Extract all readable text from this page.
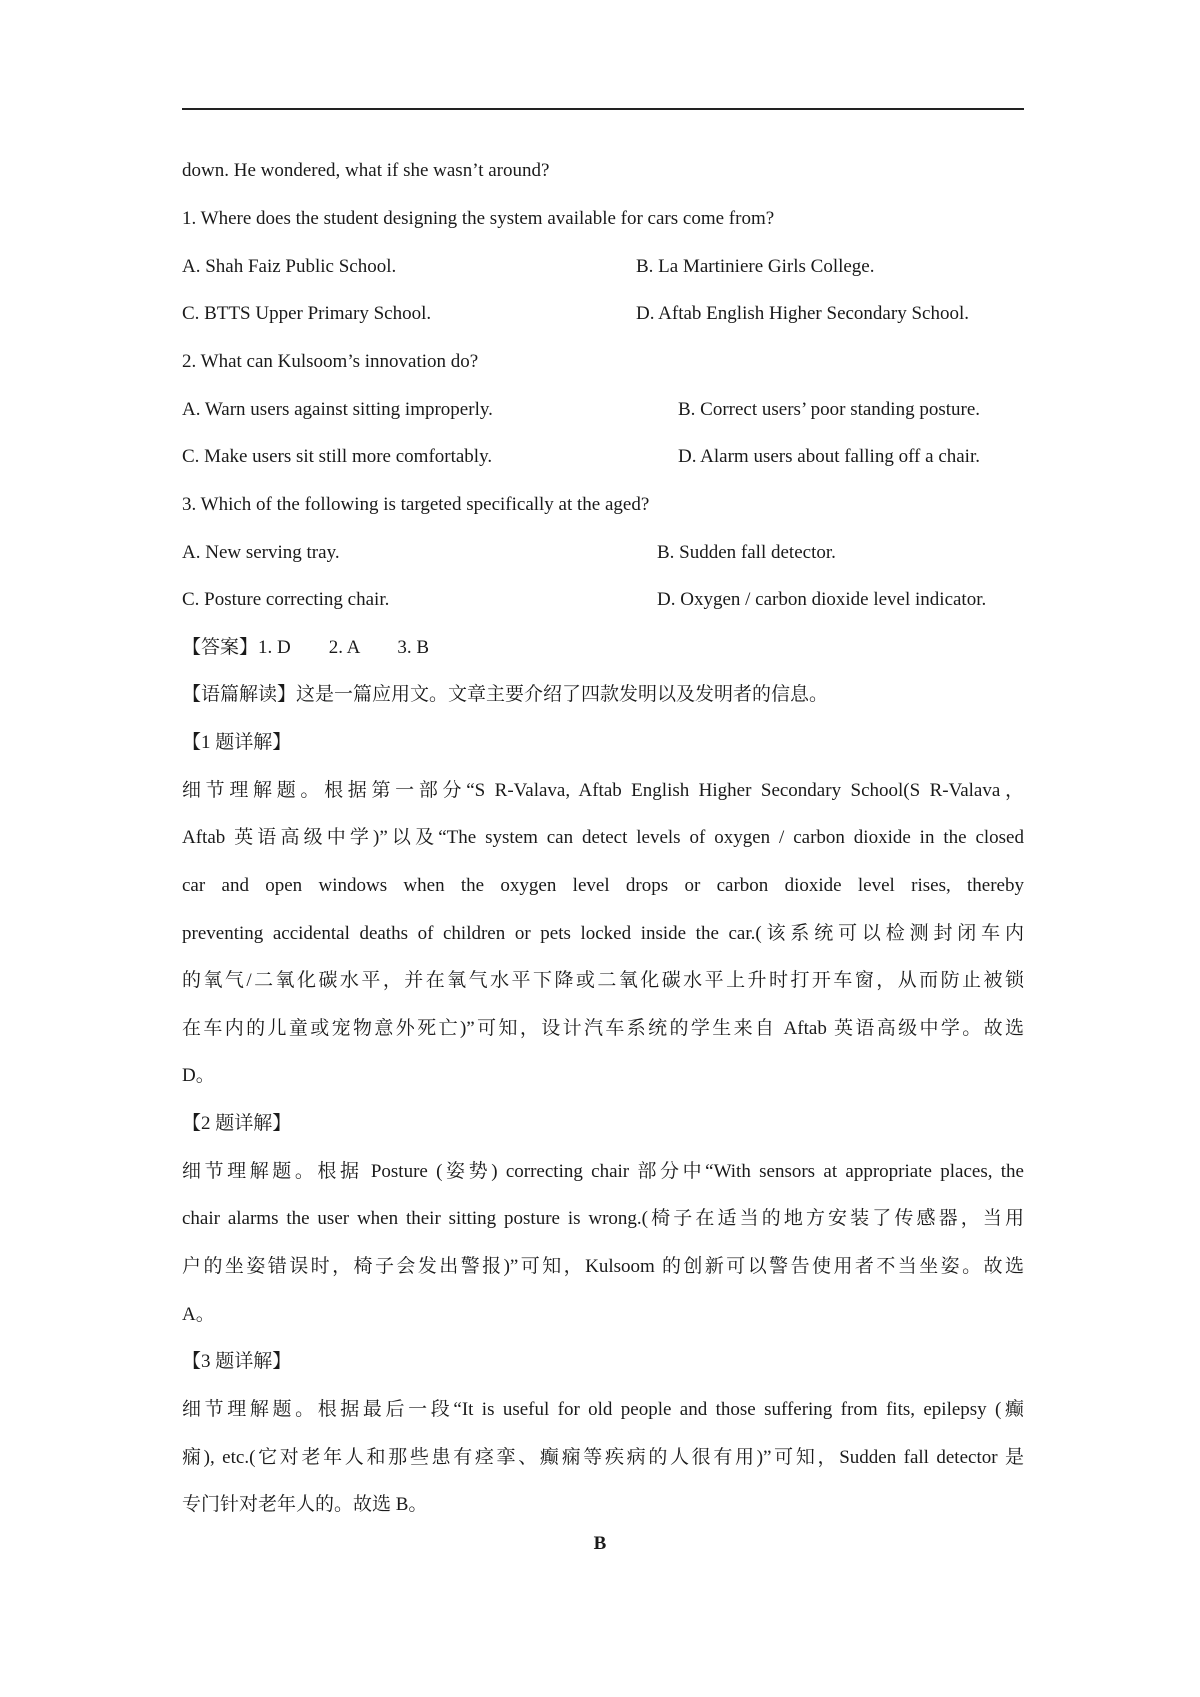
down. He wondered, what if she wasn’t around?
1. Where does the student designing the system available for cars come from?
A. Shah Faiz Public School.	B. La Martiniere Girls College.
C. BTTS Upper Primary School.	D. Aftab English Higher Secondary School.
2. What can Kulsoom’s innovation do?
A. Warn users against sitting improperly.	B. Correct users’ poor standing posture.
C. Make users sit still more comfortably.	D. Alarm users about falling off a chair.
3. Which of the following is targeted specifically at the aged?
A. New serving tray.	B. Sudden fall detector.
C. Posture correcting chair.	D. Oxygen / carbon dioxide level indicator.
【答案】1. D　　2. A　　3. B
【语篇解读】这是一篇应用文。文章主要介绍了四款发明以及发明者的信息。
【1 题详解】
细节理解题。根据第一部分“S R-Valava, Aftab English Higher Secondary School(S R-Valava，
Aftab 英语高级中学)”以及“The system can detect levels of oxygen / carbon dioxide in the closed
car and open windows when the oxygen level drops or carbon dioxide level rises, thereby
preventing accidental deaths of children or pets locked inside the car.(该系统可以检测封闭车内
的氧气/二氧化碳水平，并在氧气水平下降或二氧化碳水平上升时打开车窗，从而防止被锁
在车内的儿童或宠物意外死亡)”可知，设计汽车系统的学生来自 Aftab 英语高级中学。故选
D。
【2 题详解】
细节理解题。根据 Posture (姿势) correcting chair 部分中“With sensors at appropriate places, the
chair alarms the user when their sitting posture is wrong.(椅子在适当的地方安装了传感器，当用
户的坐姿错误时，椅子会发出警报)”可知，Kulsoom 的创新可以警告使用者不当坐姿。故选
A。
【3 题详解】
细节理解题。根据最后一段“It is useful for old people and those suffering from fits, epilepsy (癫
痫), etc.(它对老年人和那些患有痉挛、癫痫等疾病的人很有用)”可知，Sudden fall detector 是
专门针对老年人的。故选 B。
B
